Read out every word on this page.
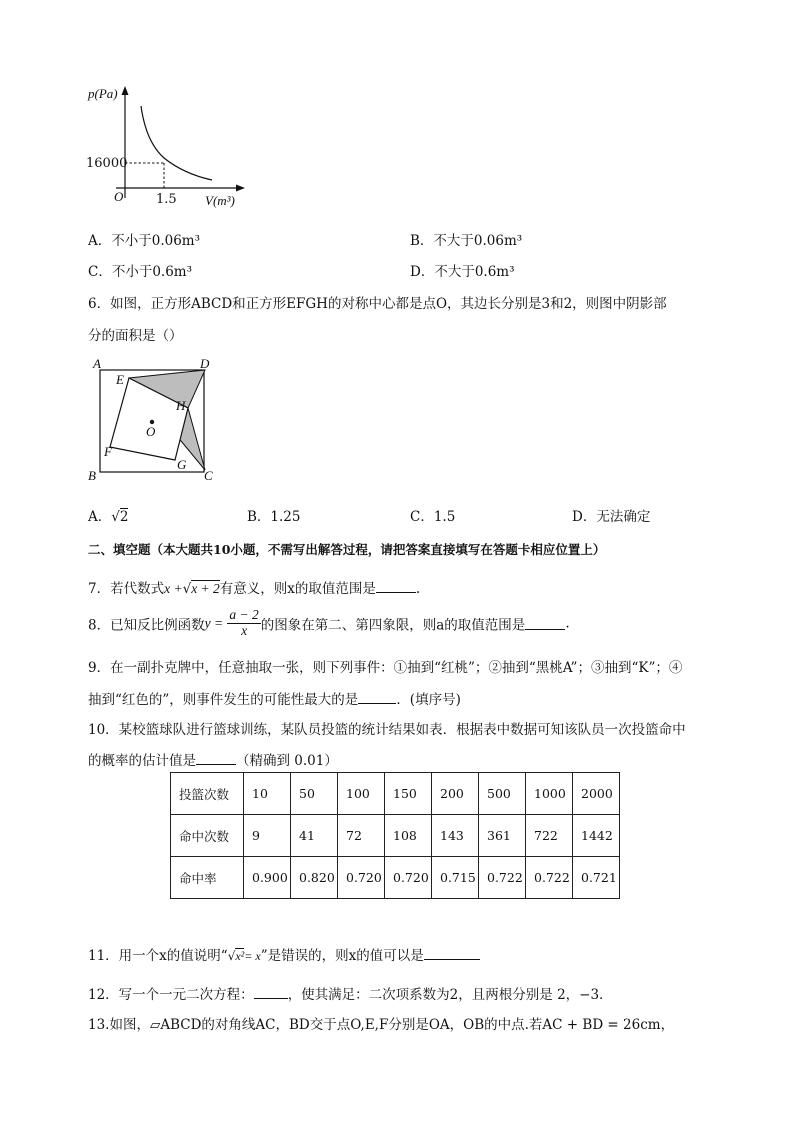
p(Pa)
16000
O	1.5 V(m³)
A．不小于0.06m³	B．不大于0.06m³
C．不小于0.6m³	D．不大于0.6m³
6．如图，正方形ABCD和正方形EFGH的对称中心都是点O，其边长分别是3和2，则图中阴影部
分的面积是（）
A	D
E
H
O
F
G
B	C
A．√2	B．1.25	C．1.5	D．无法确定
二、填空题（本大题共10小题，不需写出解答过程，请把答案直接填写在答题卡相应位置上）
7．若代数式x +√x + 2有意义，则x的取值范围是	.
8．已知反比例函数$y = \frac{a - 2}{x}$ 的图象在第二、第四象限，则a的取值范围是	.
9．在一副扑克牌中，任意抽取一张，则下列事件：①抽到“红桃”；②抽到“黑桃A”；③抽到“K”；④
抽到“红色的”，则事件发生的可能性最大的是	．(填序号)
10．某校篮球队进行篮球训练，某队员投篮的统计结果如表．根据表中数据可知该队员一次投篮命中
的概率的估计值是	（精确到 0.01）
投篮次数	10	50	100	150	200	500	1000	2000
命中次数	9	41	72	108	143	361	722	1442
命中率	0.900	0.820	0.720	0.720	0.715	0.722	0.722	0.721
11．用一个x的值说明“√x²= x”是错误的，则x的值可以是
12．写一个一元二次方程：	，使其满足：二次项系数为2，且两根分别是 2，−3．
13.如图，▱ABCD的对角线AC，BD交于点O,E,F分别是OA，OB的中点.若AC + BD = 26cm，
